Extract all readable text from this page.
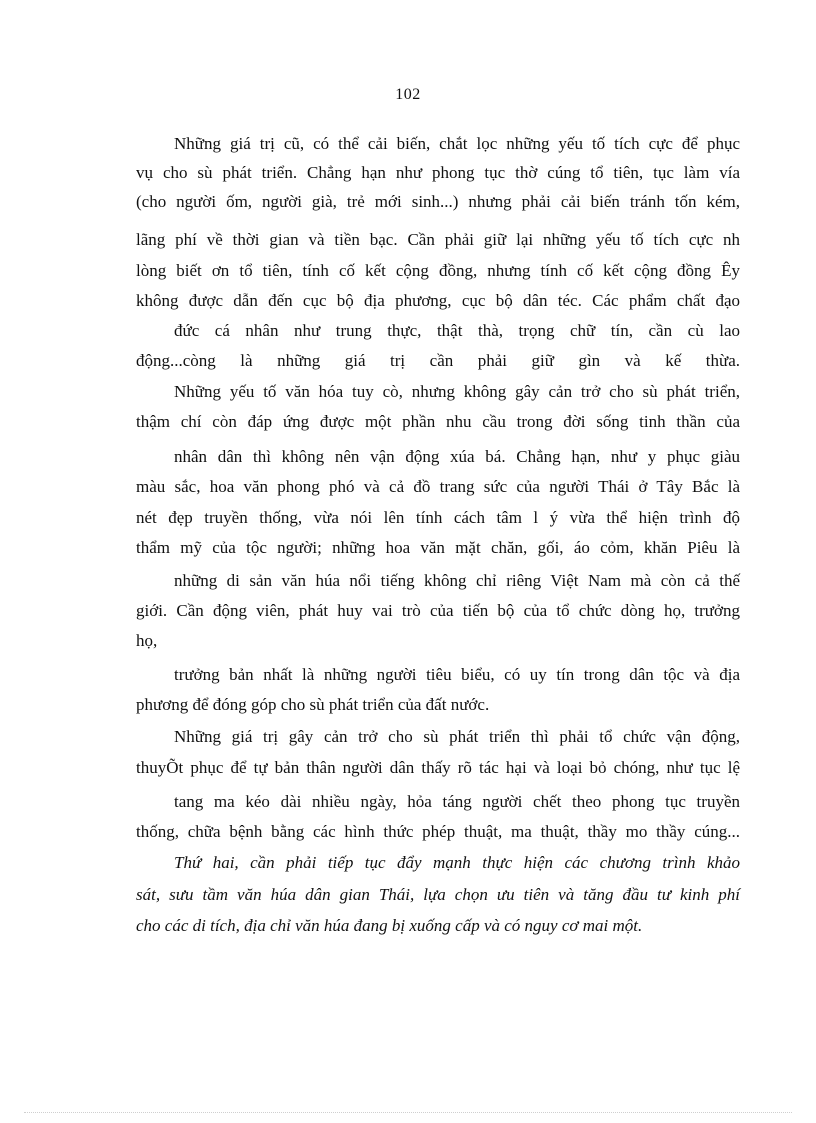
102
Những giá trị cũ, có thể cải biến, chắt lọc những yếu tố tích cực để phục
vụ cho sù phát triển. Chẳng hạn như phong tục thờ cúng tổ tiên, tục làm vía
(cho người ốm, người già, trẻ mới sinh...) nhưng phải cải biến tránh tốn kém,
lãng phí về thời gian và tiền bạc. Cần phải giữ lại những yếu tố tích cực nh
lòng biết ơn tổ tiên, tính cố kết cộng đồng, nhưng tính cố kết cộng đồng Êy
không được dẫn đến cục bộ địa phương, cục bộ dân téc. Các phẩm chất đạo
đức cá nhân như trung thực, thật thà, trọng chữ tín, cần cù lao
động...còng là những giá trị cần phải giữ gìn và kế thừa.
Những yếu tố văn hóa tuy cò, nhưng không gây cản trở cho sù phát triển,
thậm chí còn đáp ứng được một phần nhu cầu trong đời sống tinh thần của
nhân dân thì không nên vận động xúa bá. Chẳng hạn, như y phục giàu
màu sắc, hoa văn phong phó và cả đồ trang sức của người Thái ở Tây Bắc là
nét đẹp truyền thống, vừa nói lên tính cách tâm l ý vừa thể hiện trình độ
thẩm mỹ của tộc người; những hoa văn mặt chăn, gối, áo cỏm, khăn Piêu là
những di sản văn húa nổi tiếng không chỉ riêng Việt Nam mà còn cả thế
giới. Cần động viên, phát huy vai trò của tiến bộ của tổ chức dòng họ, trưởng
họ,
trưởng bản nhất là những người tiêu biểu, có uy tín trong dân tộc và địa
phương để đóng góp cho sù phát triển của đất nước.
Những giá trị gây cản trở cho sù phát triển thì phải tổ chức vận động,
thuyÕt phục để tự bản thân người dân thấy rõ tác hại và loại bỏ chóng, như tục lệ
tang ma kéo dài nhiều ngày, hỏa táng người chết theo phong tục truyền
thống, chữa bệnh bằng các hình thức phép thuật, ma thuật, thầy mo thầy cúng...
Thứ hai, cần phải tiếp tục đẩy mạnh thực hiện các chương trình khảo
sát, sưu tầm văn húa dân gian Thái, lựa chọn ưu tiên và tăng đầu tư kinh phí
cho các di tích, địa chỉ văn húa đang bị xuống cấp và có nguy cơ mai một.
